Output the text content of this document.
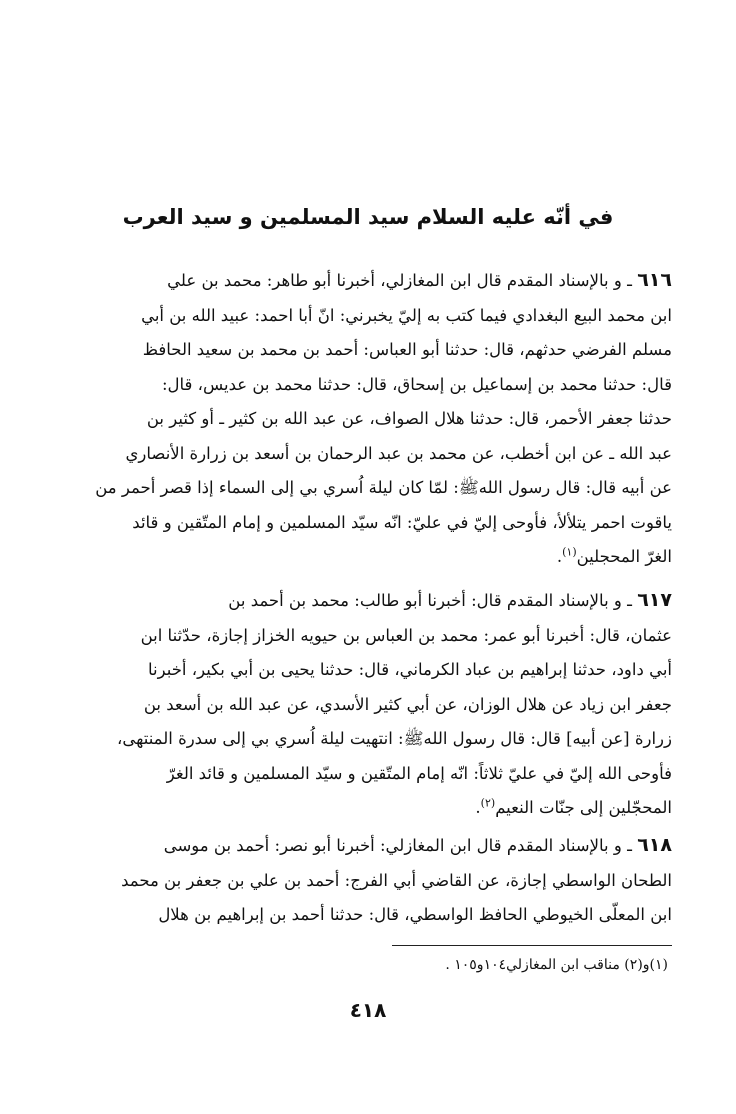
في أنّه عليه السلام سيد المسلمين و سيد العرب
٦١٦ ـ و بالإسناد المقدم قال ابن المغازلي، أخبرنا أبو طاهر: محمد بن علي
ابن محمد البيع البغدادي فيما كتب به إليّ يخبرني: انّ أبا احمد: عبيد الله بن أبي
مسلم الفرضي حدثهم، قال: حدثنا أبو العباس: أحمد بن محمد بن سعيد الحافظ
قال: حدثنا محمد بن إسماعيل بن إسحاق، قال: حدثنا محمد بن عديس، قال:
حدثنا جعفر الأحمر، قال: حدثنا هلال الصواف، عن عبد الله بن كثير ـ أو كثير بن
عبد الله ـ عن ابن أخطب، عن محمد بن عبد الرحمان بن أسعد بن زرارة الأنصاري
عن أبيه قال: قال رسول اللهﷺ: لمّا كان ليلة اُسري بي إلى السماء إذا قصر أحمر من
ياقوت احمر يتلألأ، فأوحى إليّ في عليّ: انّه سيّد المسلمين و إمام المتّقين و قائد
الغرّ المحجلين$^{(١)}$.
٦١٧ ـ و بالإسناد المقدم قال: أخبرنا أبو طالب: محمد بن أحمد بن
عثمان، قال: أخبرنا أبو عمر: محمد بن العباس بن حيويه الخزاز إجازة، حدّثنا ابن
أبي داود، حدثنا إبراهيم بن عباد الكرماني، قال: حدثنا يحيى بن أبي بكير، أخبرنا
جعفر ابن زياد عن هلال الوزان، عن أبي كثير الأسدي، عن عبد الله بن أسعد بن
زرارة [عن أبيه] قال: قال رسول اللهﷺ: انتهيت ليلة اُسري بي إلى سدرة المنتهى،
فأوحى الله إليّ في عليّ ثلاثاً: انّه إمام المتّقين و سيّد المسلمين و قائد الغرّ
المحجّلين إلى جنّات النعيم$^{(٢)}$.
٦١٨ ـ و بالإسناد المقدم قال ابن المغازلي: أخبرنا أبو نصر: أحمد بن موسى
الطحان الواسطي إجازة، عن القاضي أبي الفرج: أحمد بن علي بن جعفر بن محمد
ابن المعلّى الخيوطي الحافظ الواسطي، قال: حدثنا أحمد بن إبراهيم بن هلال
(١)و(٢) مناقب ابن المغازلي١٠٤و١٠٥ .
٤١٨
